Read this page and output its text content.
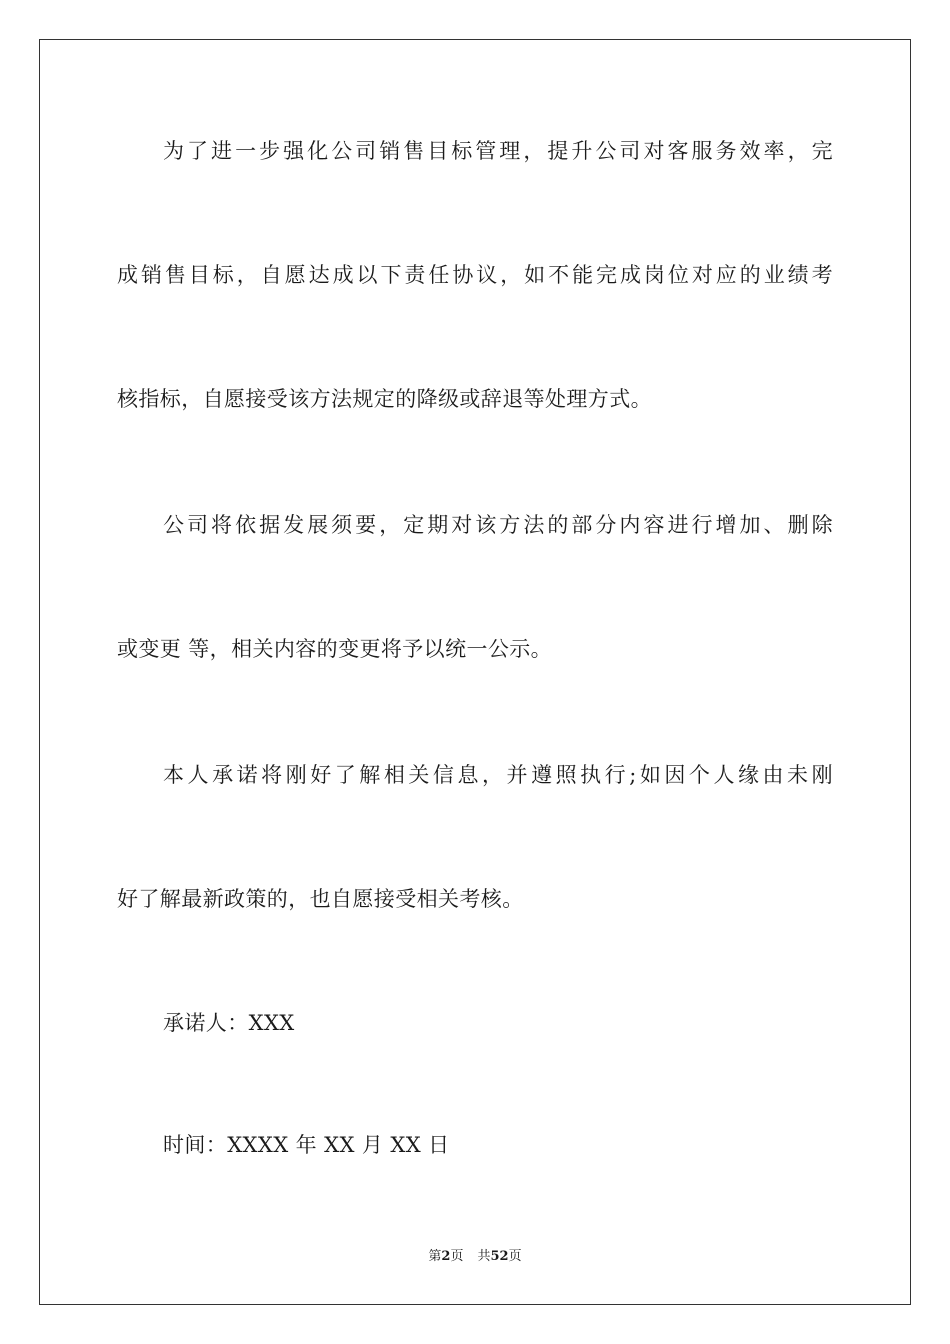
为了进一步强化公司销售目标管理，提升公司对客服务效率，完
成销售目标，自愿达成以下责任协议，如不能完成岗位对应的业绩考
核指标，自愿接受该方法规定的降级或辞退等处理方式。
公司将依据发展须要，定期对该方法的部分内容进行增加、删除
或变更 等，相关内容的变更将予以统一公示。
本人承诺将刚好了解相关信息，并遵照执行;如因个人缘由未刚
好了解最新政策的，也自愿接受相关考核。
承诺人：XXX
时间：XXXX 年 XX 月 XX 日
第2页 共52页
